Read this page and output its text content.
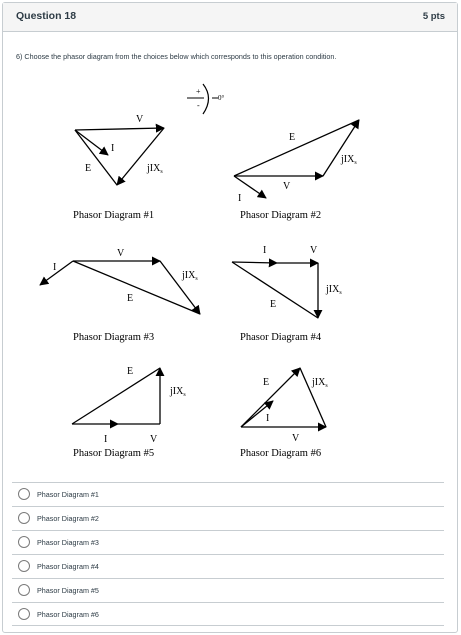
Question 18	5 pts
6) Choose the phasor diagram from the choices below which corresponds to this operation condition.
+
-
0°
V
I
E	jIX$_s$
Phasor Diagram #1
E
jIX$_s$
V
I
Phasor Diagram #2
V
I
E
jIX$_s$
Phasor Diagram #3
I	V
jIX$_s$
E
Phasor Diagram #4
E
jIX$_s$
I	V
Phasor Diagram #5
E	jIX$_s$
I
V
Phasor Diagram #6
Phasor Diagram #1
Phasor Diagram #2
Phasor Diagram #3
Phasor Diagram #4
Phasor Diagram #5
Phasor Diagram #6
